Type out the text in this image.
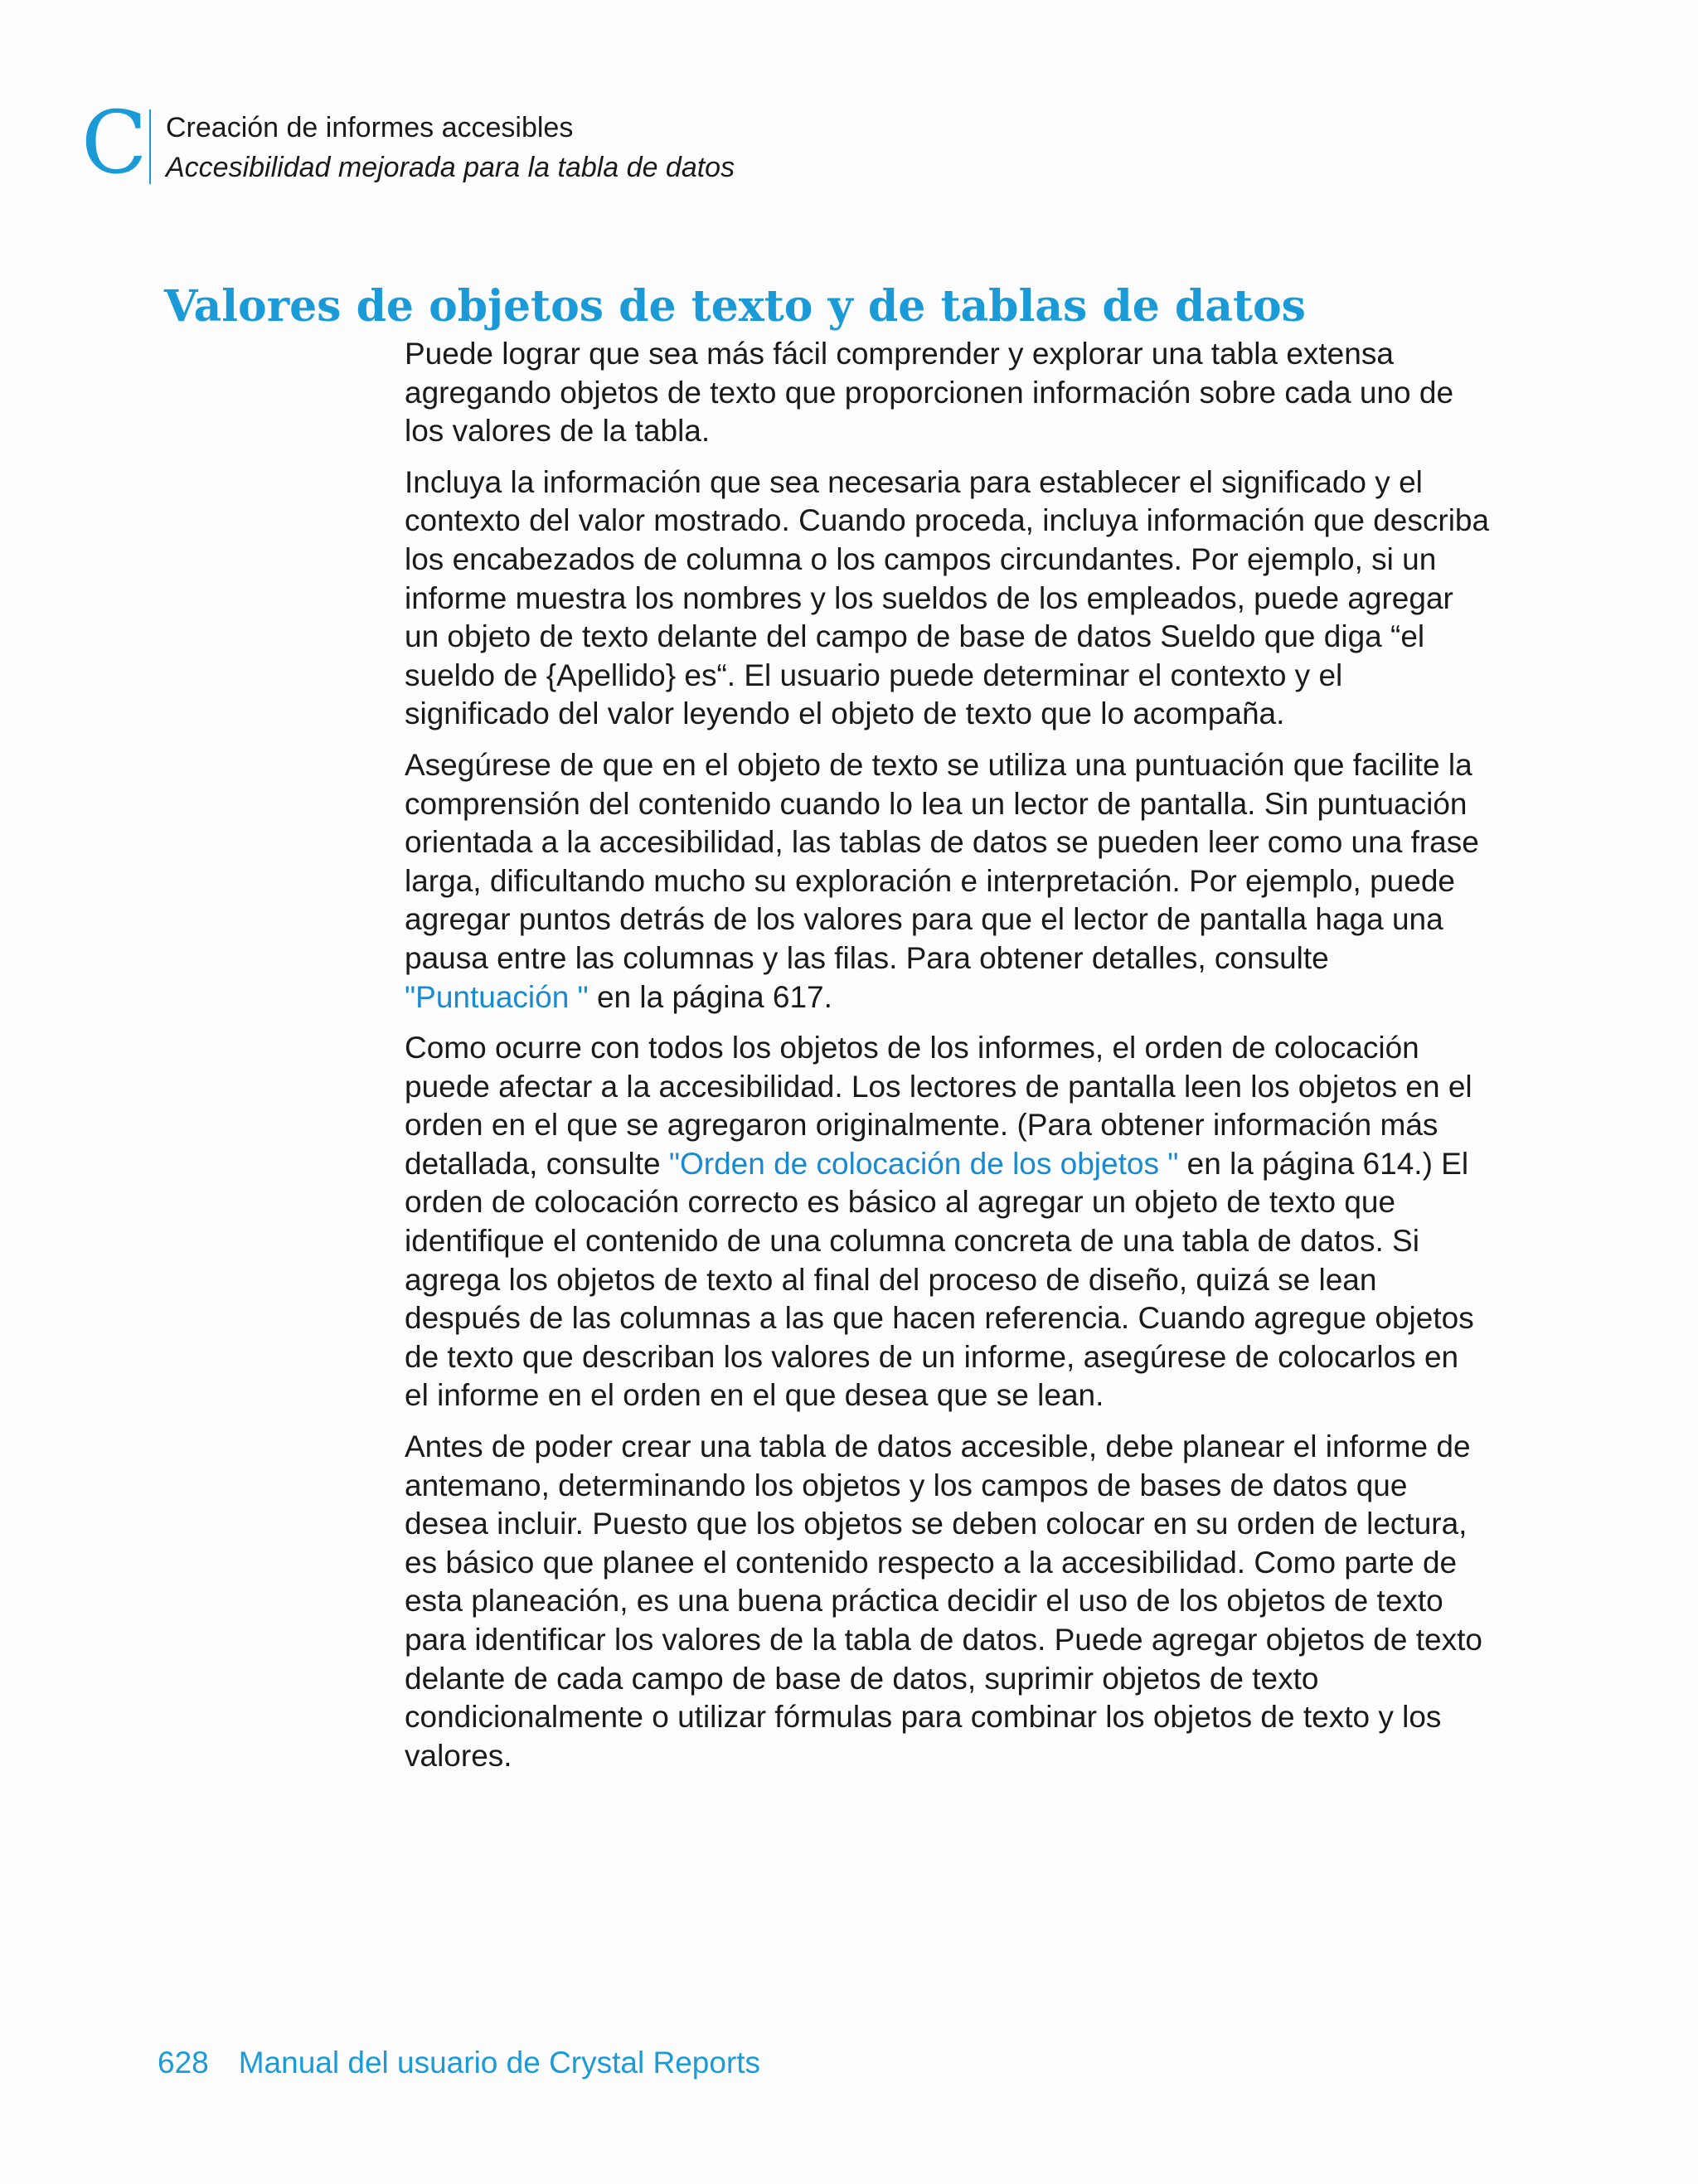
C Creación de informes accesibles
Accesibilidad mejorada para la tabla de datos
Valores de objetos de texto y de tablas de datos

Puede lograr que sea más fácil comprender y explorar una tabla extensa agregando objetos de texto que proporcionen información sobre cada uno de los valores de la tabla.

Incluya la información que sea necesaria para establecer el significado y el contexto del valor mostrado. Cuando proceda, incluya información que describa los encabezados de columna o los campos circundantes. Por ejemplo, si un informe muestra los nombres y los sueldos de los empleados, puede agregar un objeto de texto delante del campo de base de datos Sueldo que diga “el sueldo de {Apellido} es“. El usuario puede determinar el contexto y el significado del valor leyendo el objeto de texto que lo acompaña.

Asegúrese de que en el objeto de texto se utiliza una puntuación que facilite la comprensión del contenido cuando lo lea un lector de pantalla. Sin puntuación orientada a la accesibilidad, las tablas de datos se pueden leer como una frase larga, dificultando mucho su exploración e interpretación. Por ejemplo, puede agregar puntos detrás de los valores para que el lector de pantalla haga una pausa entre las columnas y las filas. Para obtener detalles, consulte "Puntuación " en la página 617.

Como ocurre con todos los objetos de los informes, el orden de colocación puede afectar a la accesibilidad. Los lectores de pantalla leen los objetos en el orden en el que se agregaron originalmente. (Para obtener información más detallada, consulte "Orden de colocación de los objetos " en la página 614.) El orden de colocación correcto es básico al agregar un objeto de texto que identifique el contenido de una columna concreta de una tabla de datos. Si agrega los objetos de texto al final del proceso de diseño, quizá se lean después de las columnas a las que hacen referencia. Cuando agregue objetos de texto que describan los valores de un informe, asegúrese de colocarlos en el informe en el orden en el que desea que se lean.

Antes de poder crear una tabla de datos accesible, debe planear el informe de antemano, determinando los objetos y los campos de bases de datos que desea incluir. Puesto que los objetos se deben colocar en su orden de lectura, es básico que planee el contenido respecto a la accesibilidad. Como parte de esta planeación, es una buena práctica decidir el uso de los objetos de texto para identificar los valores de la tabla de datos. Puede agregar objetos de texto delante de cada campo de base de datos, suprimir objetos de texto condicionalmente o utilizar fórmulas para combinar los objetos de texto y los valores.

628 Manual del usuario de Crystal Reports
